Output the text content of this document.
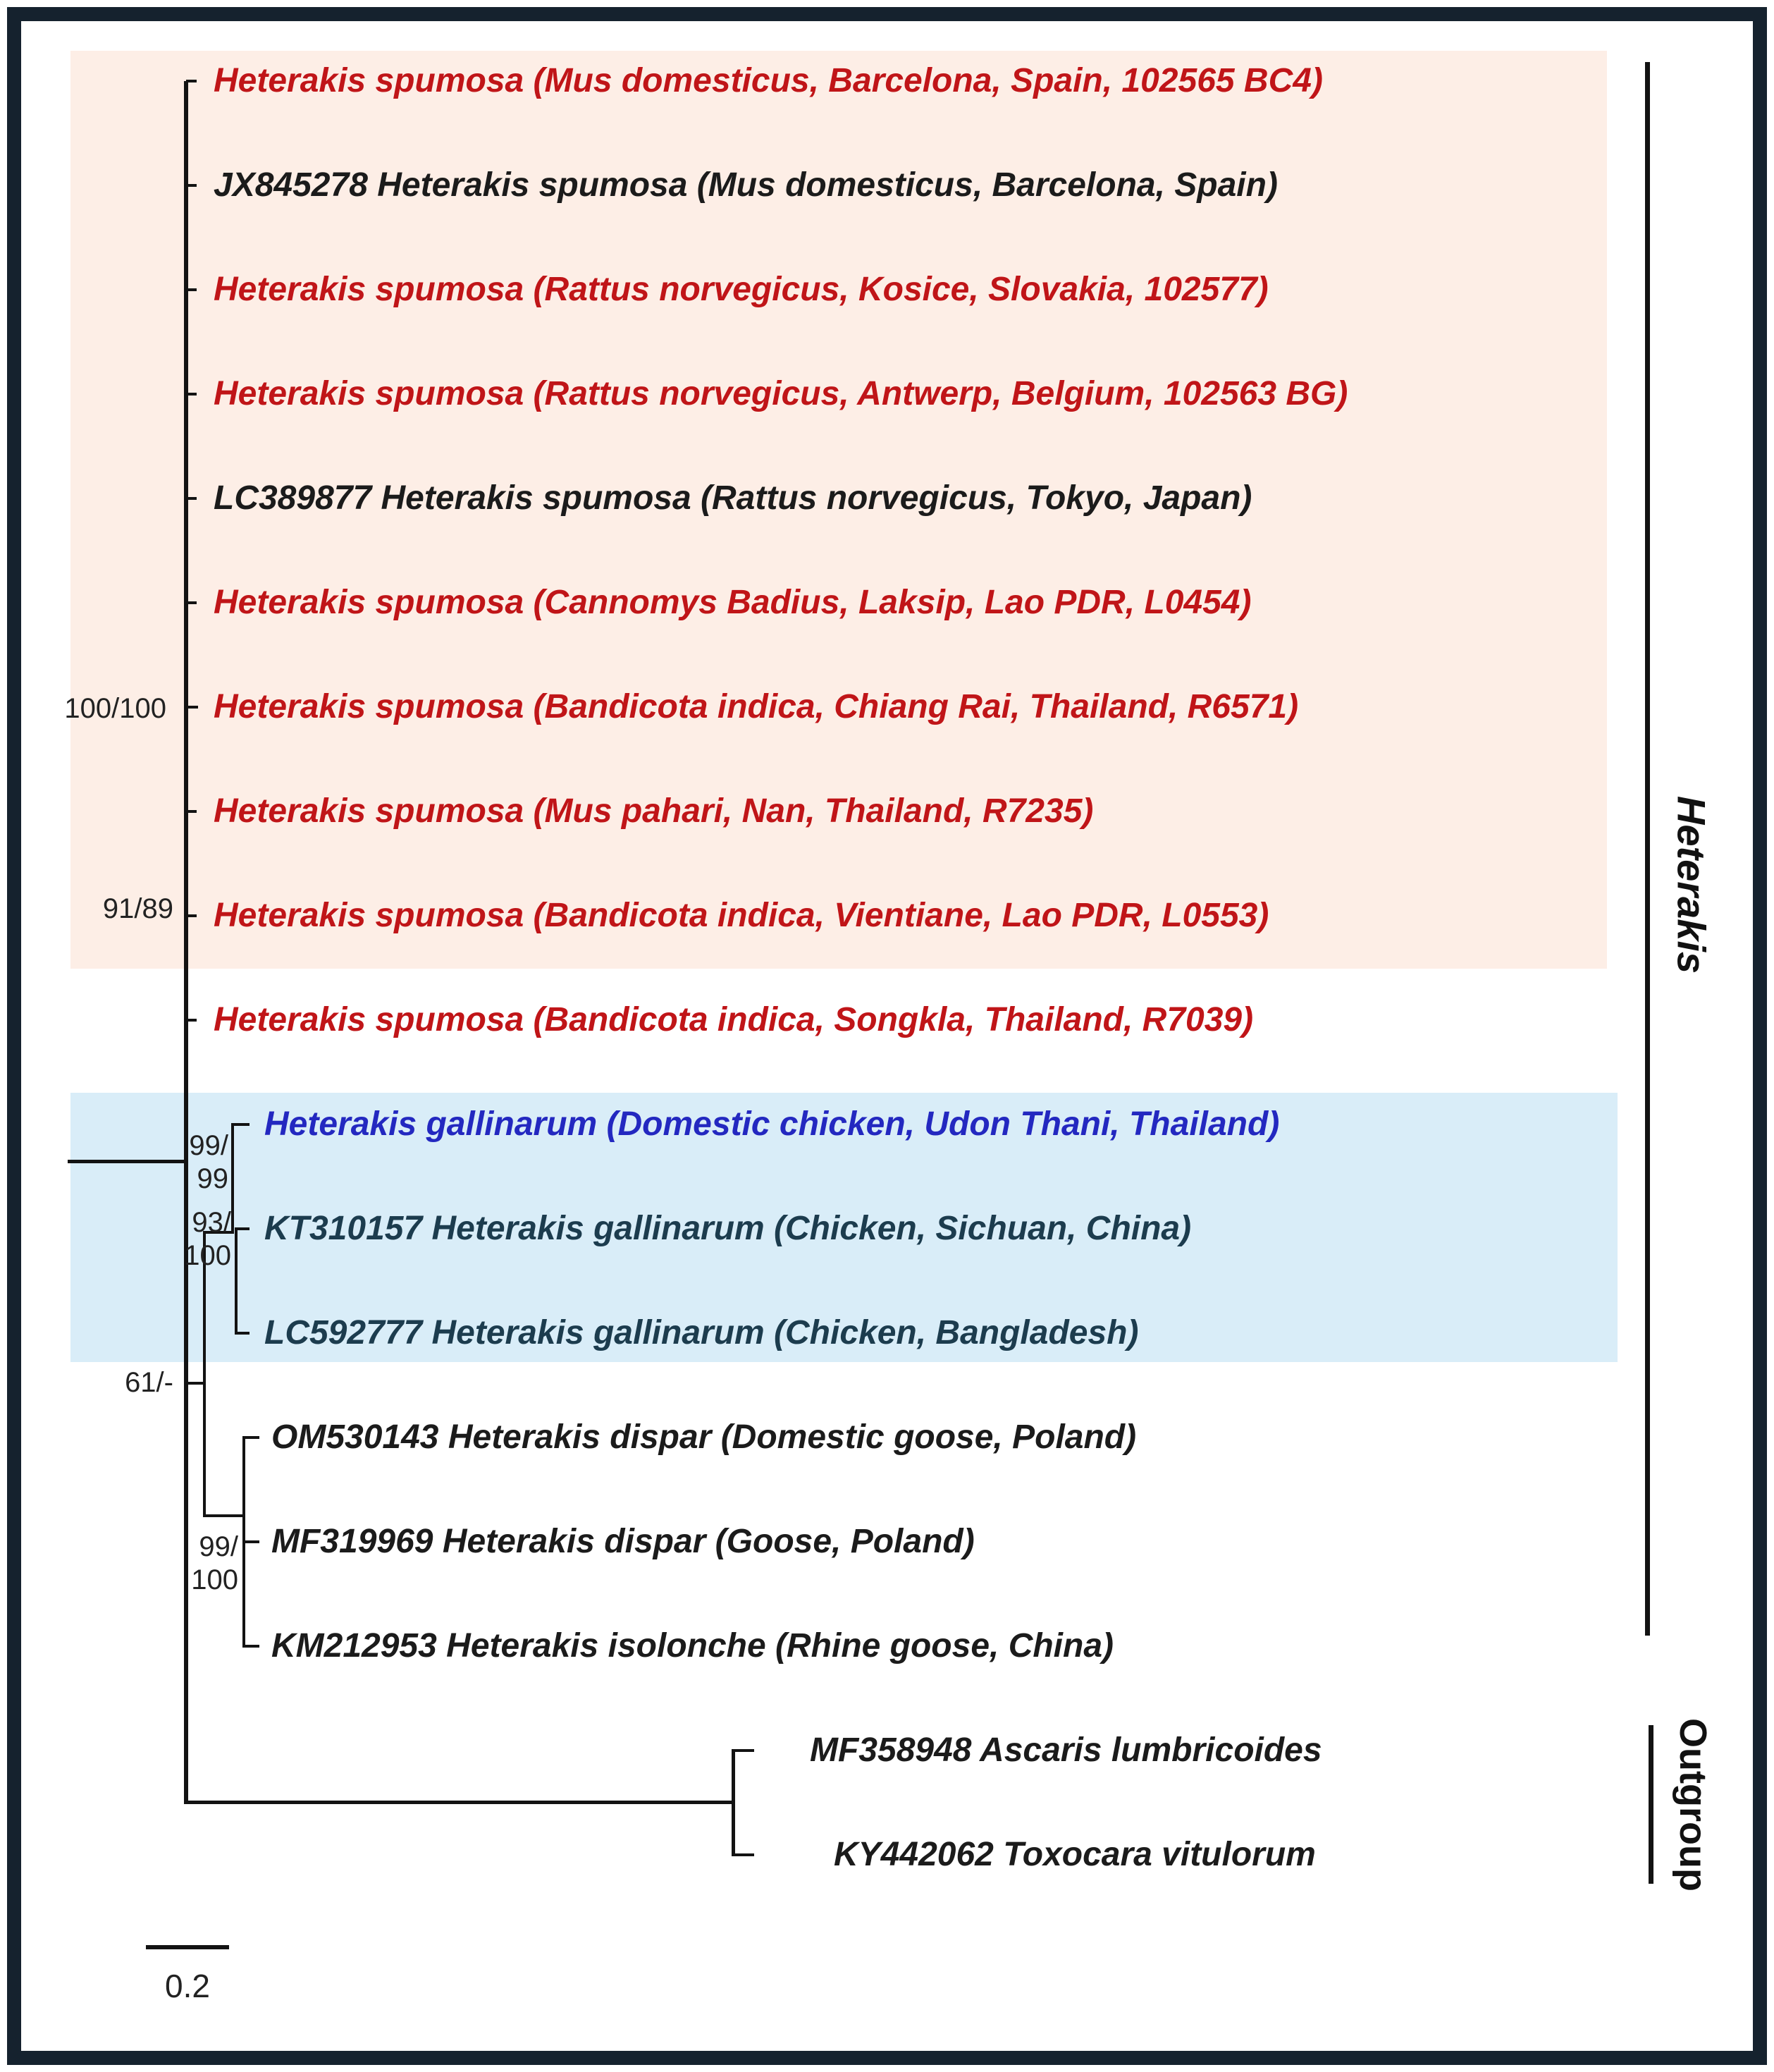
0.2
Heterakis spumosa (Mus domesticus, Barcelona, Spain, 102565 BC4)
JX845278 Heterakis spumosa (Mus domesticus, Barcelona, Spain)
Heterakis spumosa (Rattus norvegicus, Kosice, Slovakia, 102577)
Heterakis spumosa (Rattus norvegicus, Antwerp, Belgium, 102563 BG)
LC389877 Heterakis spumosa (Rattus norvegicus, Tokyo, Japan)
Heterakis spumosa (Cannomys Badius, Laksip, Lao PDR, L0454)
Heterakis spumosa (Bandicota indica, Chiang Rai, Thailand, R6571)
Heterakis spumosa (Mus pahari, Nan, Thailand, R7235)
Heterakis spumosa (Bandicota indica, Vientiane, Lao PDR, L0553)
Heterakis spumosa (Bandicota indica, Songkla, Thailand, R7039)
Heterakis gallinarum (Domestic chicken, Udon Thani, Thailand)
KT310157 Heterakis gallinarum (Chicken, Sichuan, China)
LC592777 Heterakis gallinarum (Chicken, Bangladesh)
OM530143 Heterakis dispar (Domestic goose, Poland)
MF319969 Heterakis dispar (Goose, Poland)
KM212953 Heterakis isolonche (Rhine goose, China)
MF358948 Ascaris lumbricoides
KY442062 Toxocara vitulorum
100/100
91/89
61/-
99/
99
93/
100
99/
100
Heterakis
Outgroup
